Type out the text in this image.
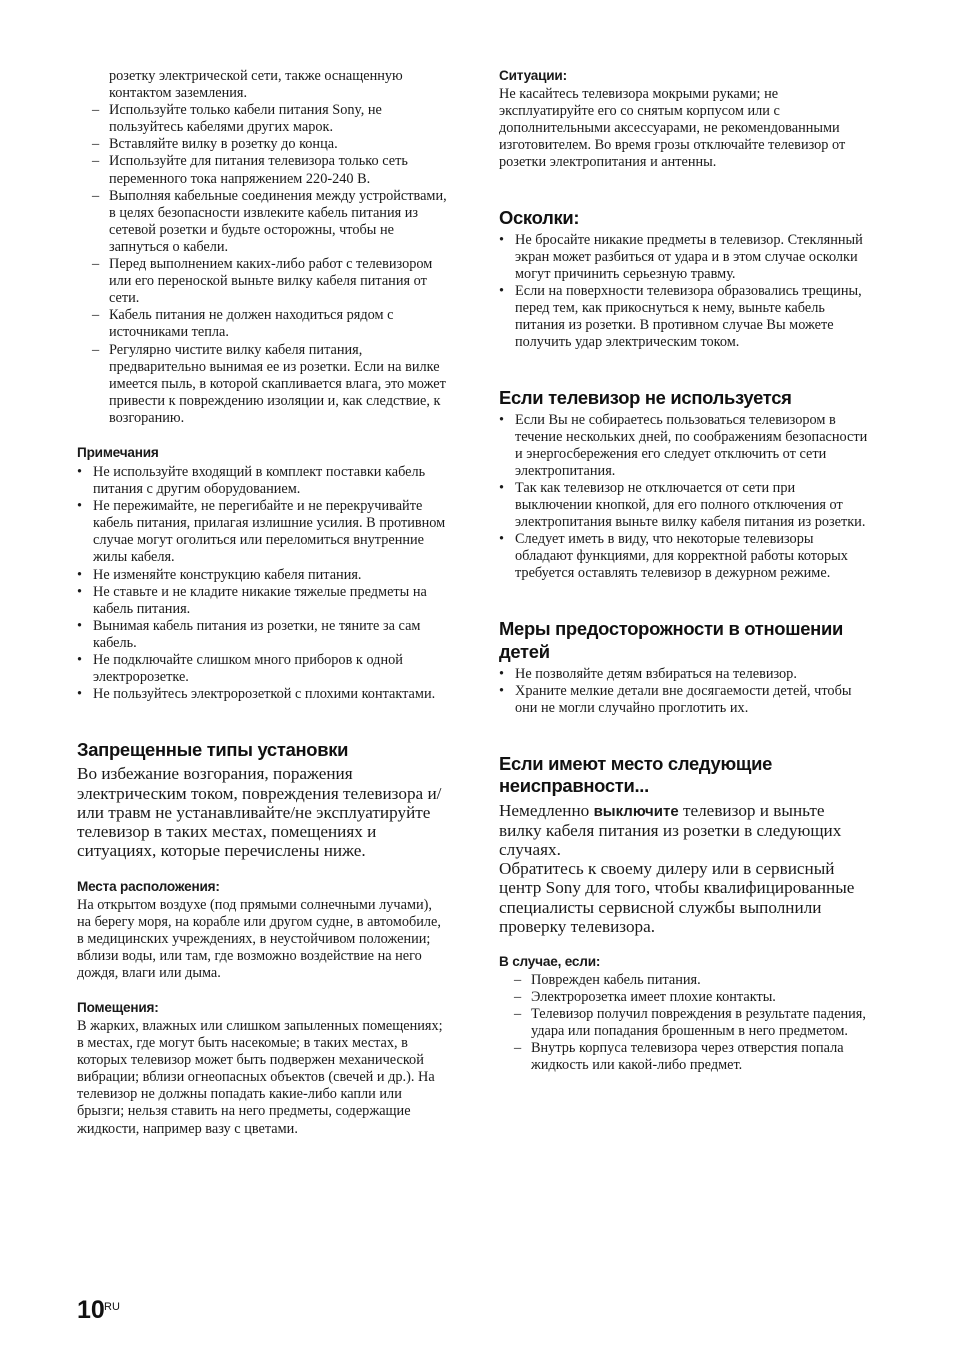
розетку электрической сети, также оснащенную контактом заземления.

– Используйте только кабели питания Sony, не пользуйтесь кабелями других марок.
– Вставляйте вилку в розетку до конца.
– Используйте для питания телевизора только сеть переменного тока напряжением 220-240 В.
– Выполняя кабельные соединения между устройствами, в целях безопасности извлеките кабель питания из сетевой розетки и будьте осторожны, чтобы не запнуться о кабели.
– Перед выполнением каких-либо работ с телевизором или его переноской выньте вилку кабеля питания от сети.
– Кабель питания не должен находиться рядом с источниками тепла.
– Регулярно чистите вилку кабеля питания, предварительно вынимая ее из розетки. Если на вилке имеется пыль, в которой скапливается влага, это может привести к повреждению изоляции и, как следствие, к возгоранию.

Примечания

• Не используйте входящий в комплект поставки кабель питания с другим оборудованием.
• Не пережимайте, не перегибайте и не перекручивайте кабель питания, прилагая излишние усилия. В противном случае могут оголиться или переломиться внутренние жилы кабеля.
• Не изменяйте конструкцию кабеля питания.
• Не ставьте и не кладите никакие тяжелые предметы на кабель питания.
• Вынимая кабель питания из розетки, не тяните за сам кабель.
• Не подключайте слишком много приборов к одной электророзетке.
• Не пользуйтесь электророзеткой с плохими контактами.

Запрещенные типы установки

Во избежание возгорания, поражения электрическим током, повреждения телевизора и/или травм не устанавливайте/не эксплуатируйте телевизор в таких местах, помещениях и ситуациях, которые перечислены ниже.

Места расположения:

На открытом воздухе (под прямыми солнечными лучами), на берегу моря, на корабле или другом судне, в автомобиле, в медицинских учреждениях, в неустойчивом положении; вблизи воды, или там, где возможно воздействие на него дождя, влаги или дыма.

Помещения:

В жарких, влажных или слишком запыленных помещениях; в местах, где могут быть насекомые; в таких местах, в которых телевизор может быть подвержен механической вибрации; вблизи огнеопасных объектов (свечей и др.). На телевизор не должны попадать какие-либо капли или брызги; нельзя ставить на него предметы, содержащие жидкости, например вазу с цветами.

Ситуации:

Не касайтесь телевизора мокрыми руками; не эксплуатируйте его со снятым корпусом или с дополнительными аксессуарами, не рекомендованными изготовителем. Во время грозы отключайте телевизор от розетки электропитания и антенны.

Осколки:

• Не бросайте никакие предметы в телевизор. Стеклянный экран может разбиться от удара и в этом случае осколки могут причинить серьезную травму.
• Если на поверхности телевизора образовались трещины, перед тем, как прикоснуться к нему, выньте кабель питания из розетки. В противном случае Вы можете получить удар электрическим током.

Если телевизор не используется

• Если Вы не собираетесь пользоваться телевизором в течение нескольких дней, по соображениям безопасности и энергосбережения его следует отключить от сети электропитания.
• Так как телевизор не отключается от сети при выключении кнопкой, для его полного отключения от электропитания выньте вилку кабеля питания из розетки.
• Следует иметь в виду, что некоторые телевизоры обладают функциями, для корректной работы которых требуется оставлять телевизор в дежурном режиме.

Меры предосторожности в отношении
детей

• Не позволяйте детям взбираться на телевизор.
• Храните мелкие детали вне досягаемости детей, чтобы они не могли случайно проглотить их.

Если имеют место следующие
неисправности...

Немедленно выключите телевизор и выньте вилку кабеля питания из розетки в следующих случаях.

Обратитесь к своему дилеру или в сервисный центр Sony для того, чтобы квалифицированные специалисты сервисной службы выполнили проверку телевизора.

В случае, если:

– Поврежден кабель питания.
– Электророзетка имеет плохие контакты.
– Телевизор получил повреждения в результате падения, удара или попадания брошенным в него предметом.
– Внутрь корпуса телевизора через отверстия попала жидкость или какой-либо предмет.
10 RU
